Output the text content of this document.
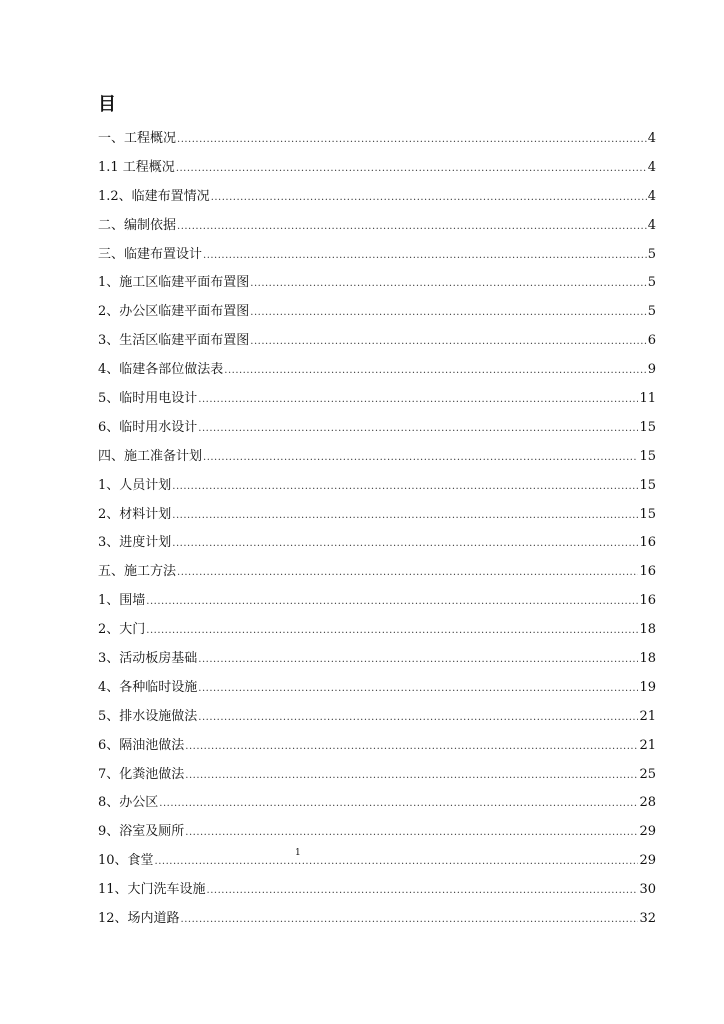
目
一、工程概况 .....	4
1.1 工程概况 .....	4
1.2、临建布置情况 .....	4
二、编制依据 .....	4
三、临建布置设计 .....	5
1、施工区临建平面布置图 .....	5
2、办公区临建平面布置图 .....	5
3、生活区临建平面布置图 .....	6
4、临建各部位做法表 .....	9
5、临时用电设计 .....	11
6、临时用水设计 .....	15
四、施工准备计划 .....	15
1、人员计划 .....	15
2、材料计划 .....	15
3、进度计划 .....	16
五、施工方法 .....	16
1、围墙 .....	16
2、大门 .....	18
3、活动板房基础 .....	18
4、各种临时设施 .....	19
5、排水设施做法 .....	21
6、隔油池做法 .....	21
7、化粪池做法 .....	25
8、办公区 .....	28
9、浴室及厕所 .....	29
10、食堂 .....	29
11、大门洗车设施 .....	30
12、场内道路 .....	32
1
